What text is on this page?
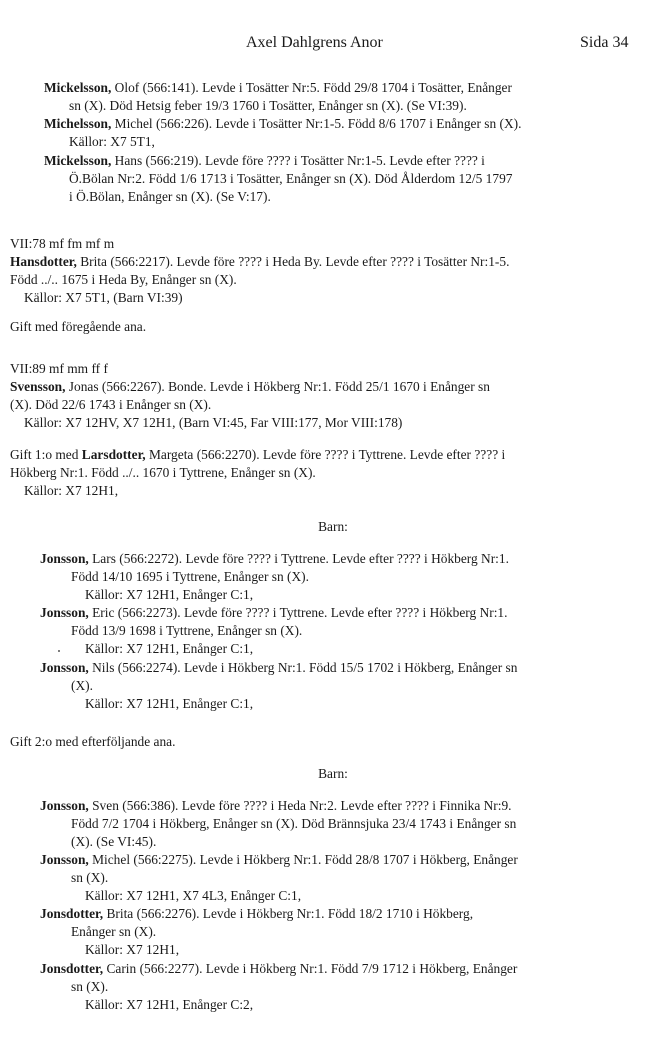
Axel Dahlgrens Anor	Sida 34
Mickelsson, Olof (566:141). Levde i Tosätter Nr:5. Född 29/8 1704 i Tosätter, Enånger
sn (X). Död Hetsig feber 19/3 1760 i Tosätter, Enånger sn (X). (Se VI:39).
Michelsson, Michel (566:226). Levde i Tosätter Nr:1-5. Född 8/6 1707 i Enånger sn (X).
Källor: X7 5T1,
Mickelsson, Hans (566:219). Levde före ???? i Tosätter Nr:1-5. Levde efter ???? i
Ö.Bölan Nr:2. Född 1/6 1713 i Tosätter, Enånger sn (X). Död Ålderdom 12/5 1797
i Ö.Bölan, Enånger sn (X). (Se V:17).
VII:78 mf fm mf m
Hansdotter, Brita (566:2217). Levde före ???? i Heda By. Levde efter ???? i Tosätter Nr:1-5.
Född ../.. 1675 i Heda By, Enånger sn (X).
Källor: X7 5T1, (Barn VI:39)
Gift med föregående ana.
VII:89 mf mm ff f
Svensson, Jonas (566:2267). Bonde. Levde i Hökberg Nr:1. Född 25/1 1670 i Enånger sn
(X). Död 22/6 1743 i Enånger sn (X).
Källor: X7 12HV, X7 12H1, (Barn VI:45, Far VIII:177, Mor VIII:178)
Gift 1:o med Larsdotter, Margeta (566:2270). Levde före ???? i Tyttrene. Levde efter ???? i
Hökberg Nr:1. Född ../.. 1670 i Tyttrene, Enånger sn (X).
Källor: X7 12H1,
Barn:
Jonsson, Lars (566:2272). Levde före ???? i Tyttrene. Levde efter ???? i Hökberg Nr:1.
Född 14/10 1695 i Tyttrene, Enånger sn (X).
Källor: X7 12H1, Enånger C:1,
Jonsson, Eric (566:2273). Levde före ???? i Tyttrene. Levde efter ???? i Hökberg Nr:1.
Född 13/9 1698 i Tyttrene, Enånger sn (X).
Källor: X7 12H1, Enånger C:1,
Jonsson, Nils (566:2274). Levde i Hökberg Nr:1. Född 15/5 1702 i Hökberg, Enånger sn
(X).
Källor: X7 12H1, Enånger C:1,
Gift 2:o med efterföljande ana.
Barn:
Jonsson, Sven (566:386). Levde före ???? i Heda Nr:2. Levde efter ???? i Finnika Nr:9.
Född 7/2 1704 i Hökberg, Enånger sn (X). Död Brännsjuka 23/4 1743 i Enånger sn
(X). (Se VI:45).
Jonsson, Michel (566:2275). Levde i Hökberg Nr:1. Född 28/8 1707 i Hökberg, Enånger
sn (X).
Källor: X7 12H1, X7 4L3, Enånger C:1,
Jonsdotter, Brita (566:2276). Levde i Hökberg Nr:1. Född 18/2 1710 i Hökberg,
Enånger sn (X).
Källor: X7 12H1,
Jonsdotter, Carin (566:2277). Levde i Hökberg Nr:1. Född 7/9 1712 i Hökberg, Enånger
sn (X).
Källor: X7 12H1, Enånger C:2,
